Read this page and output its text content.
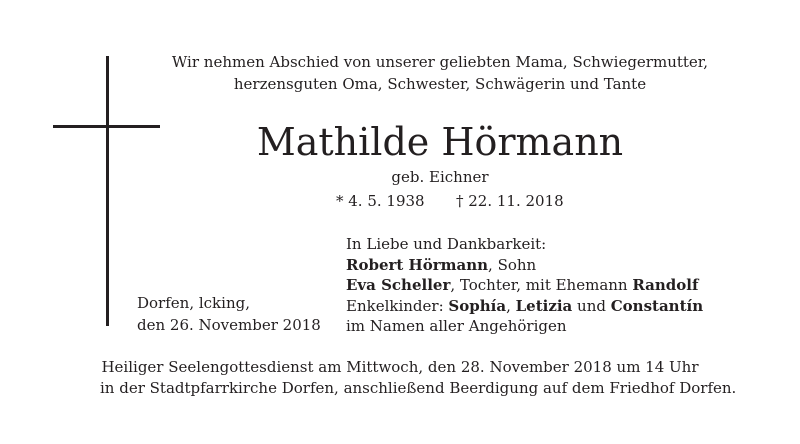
Wir nehmen Abschied von unserer geliebten Mama, Schwiegermutter,
herzensguten Oma, Schwester, Schwägerin und Tante
Mathilde Hörmann
geb. Eichner
* 4. 5. 1938 † 22. 11. 2018
Dorfen, lcking,
den 26. November 2018
In Liebe und Dankbarkeit:
Robert Hörmann, Sohn
Eva Scheller, Tochter, mit Ehemann Randolf
Enkelkinder: Sophía, Letizia und Constantín
im Namen aller Angehörigen
Heiliger Seelengottesdienst am Mittwoch, den 28. November 2018 um 14 Uhr
in der Stadtpfarrkirche Dorfen, anschließend Beerdigung auf dem Friedhof Dorfen.
